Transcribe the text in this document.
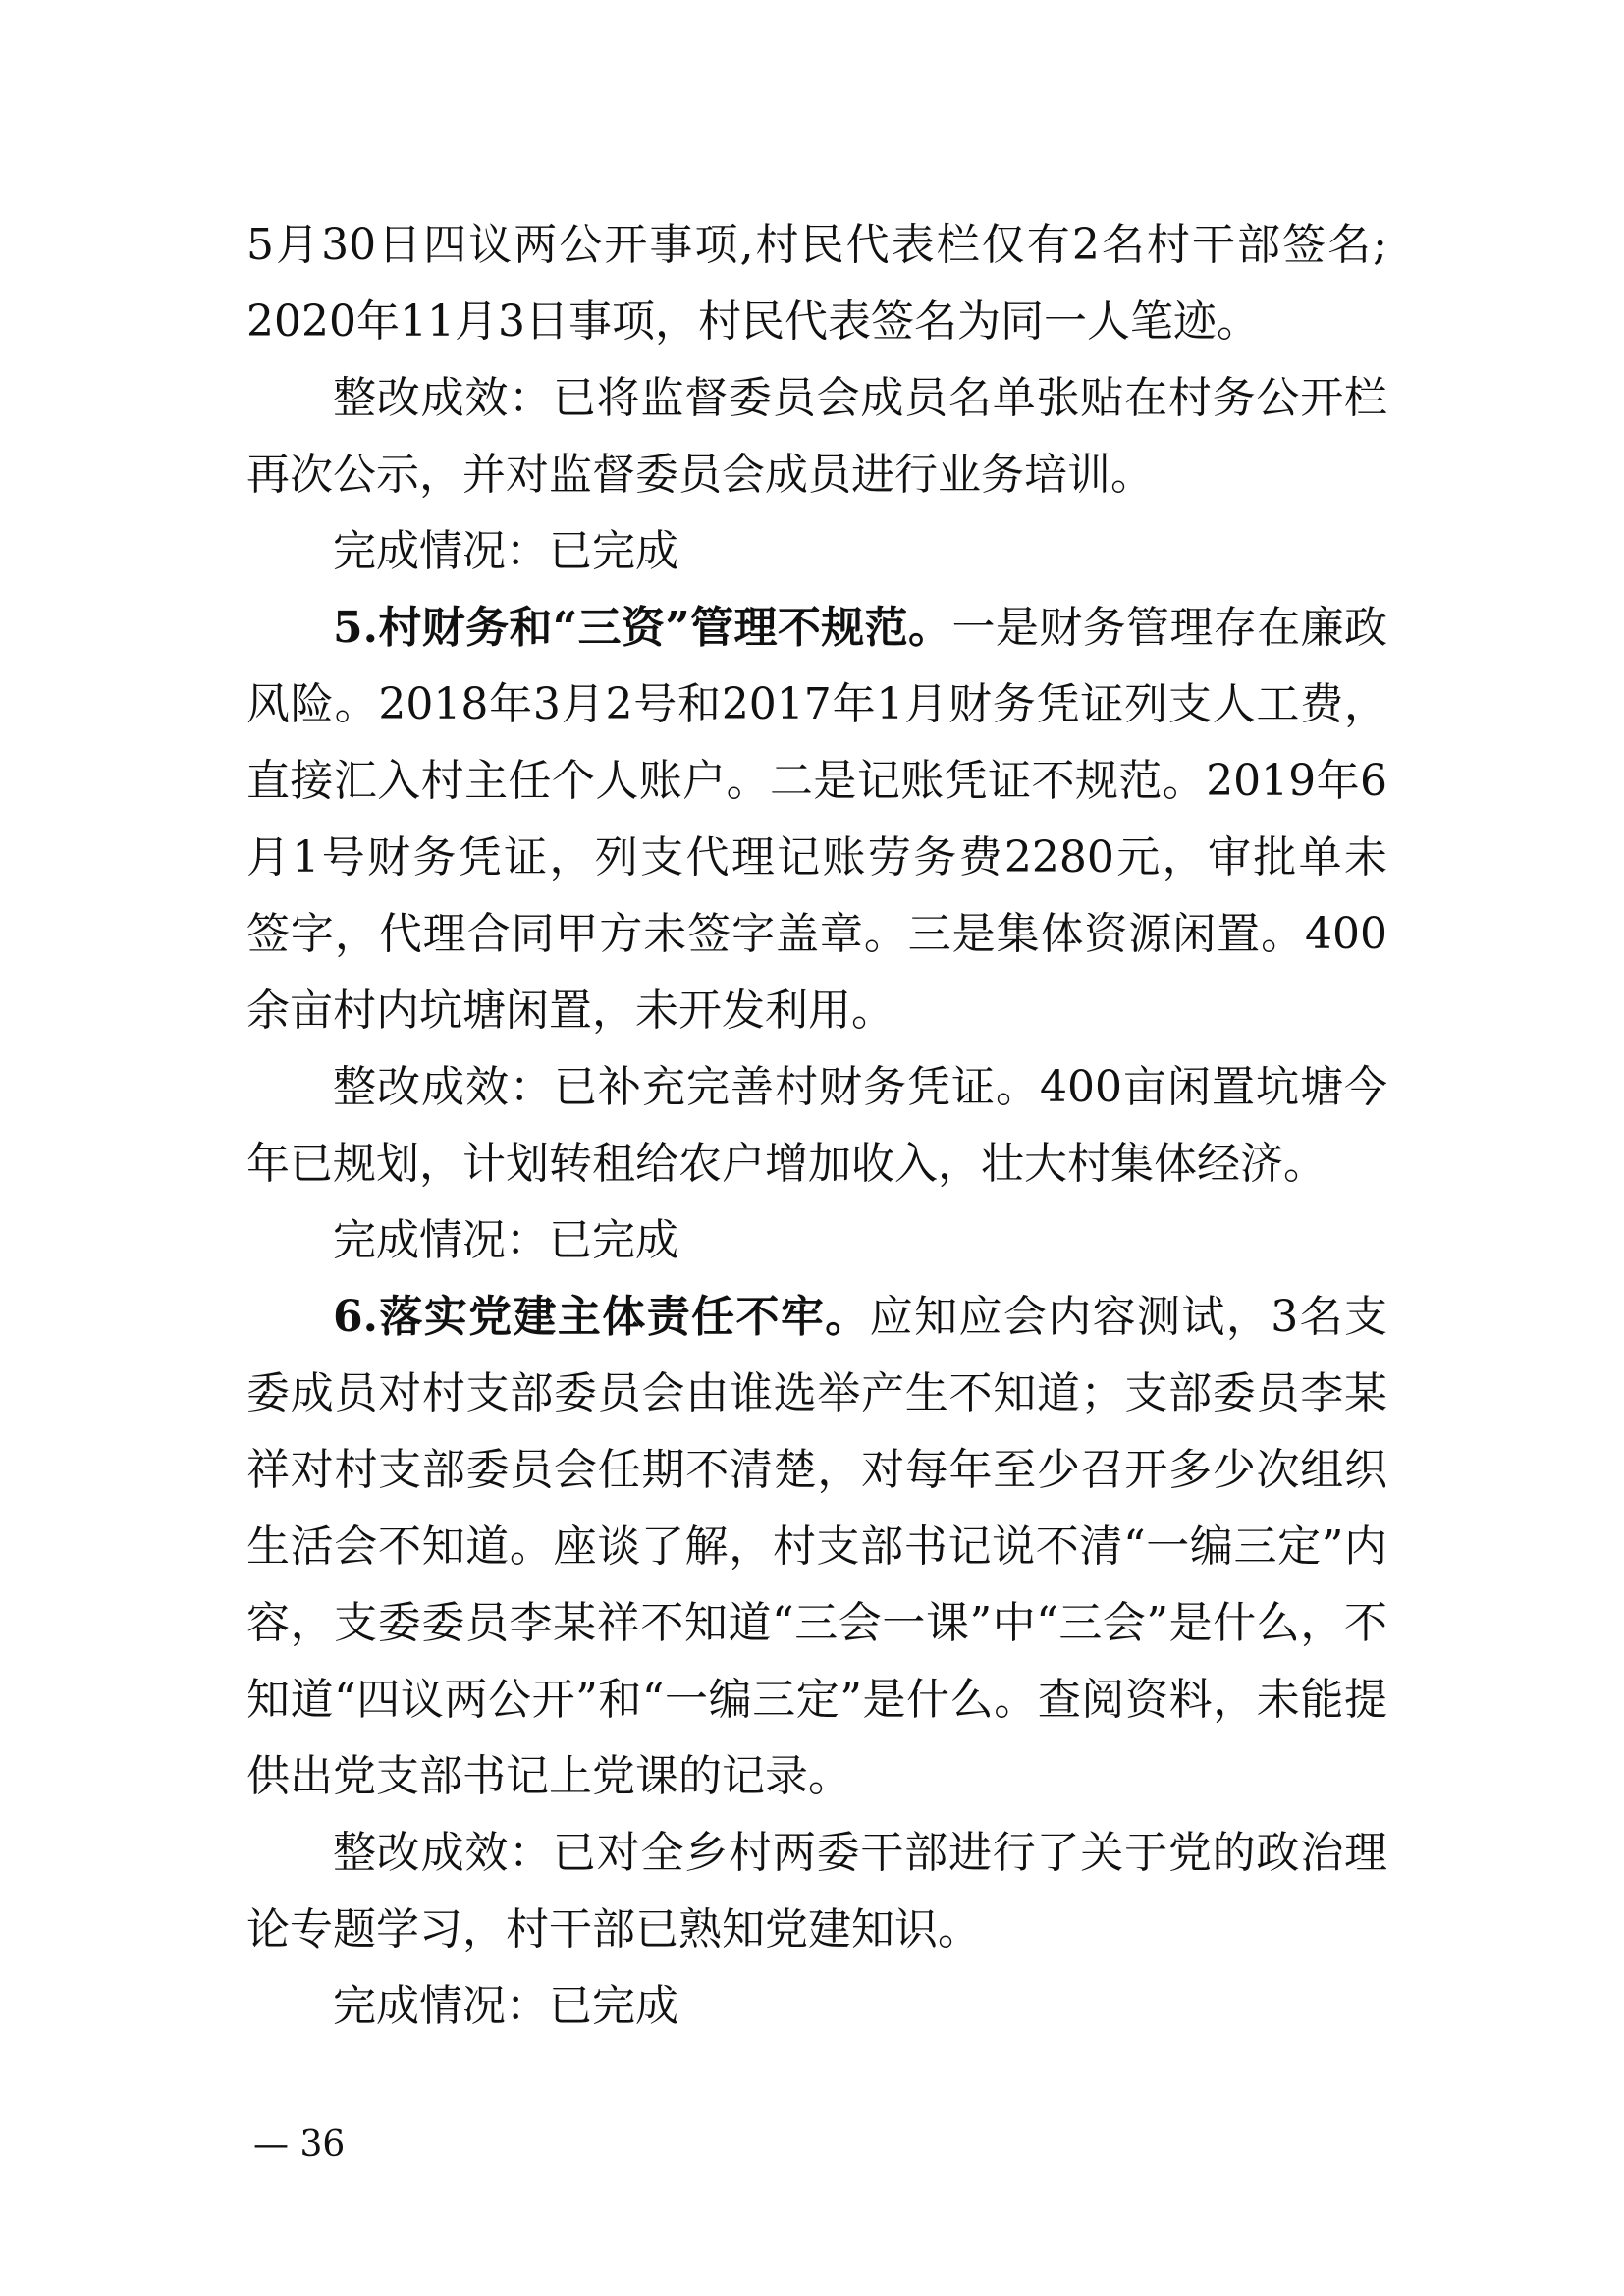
5月30日四议两公开事项,村民代表栏仅有2名村干部签名;
2020年11月3日事项，村民代表签名为同一人笔迹。
整改成效：已将监督委员会成员名单张贴在村务公开栏
再次公示，并对监督委员会成员进行业务培训。
完成情况：已完成
5.村财务和“三资”管理不规范。一是财务管理存在廉政
风险。2018年3月2号和2017年1月财务凭证列支人工费，
直接汇入村主任个人账户。二是记账凭证不规范。2019年6
月1号财务凭证，列支代理记账劳务费2280元，审批单未
签字，代理合同甲方未签字盖章。三是集体资源闲置。400
余亩村内坑塘闲置，未开发利用。
整改成效：已补充完善村财务凭证。400亩闲置坑塘今
年已规划，计划转租给农户增加收入，壮大村集体经济。
完成情况：已完成
6.落实党建主体责任不牢。应知应会内容测试，3名支
委成员对村支部委员会由谁选举产生不知道；支部委员李某
祥对村支部委员会任期不清楚，对每年至少召开多少次组织
生活会不知道。座谈了解，村支部书记说不清“一编三定”内
容，支委委员李某祥不知道“三会一课”中“三会”是什么，不
知道“四议两公开”和“一编三定”是什么。查阅资料，未能提
供出党支部书记上党课的记录。
整改成效：已对全乡村两委干部进行了关于党的政治理
论专题学习，村干部已熟知党建知识。
完成情况：已完成
— 36
